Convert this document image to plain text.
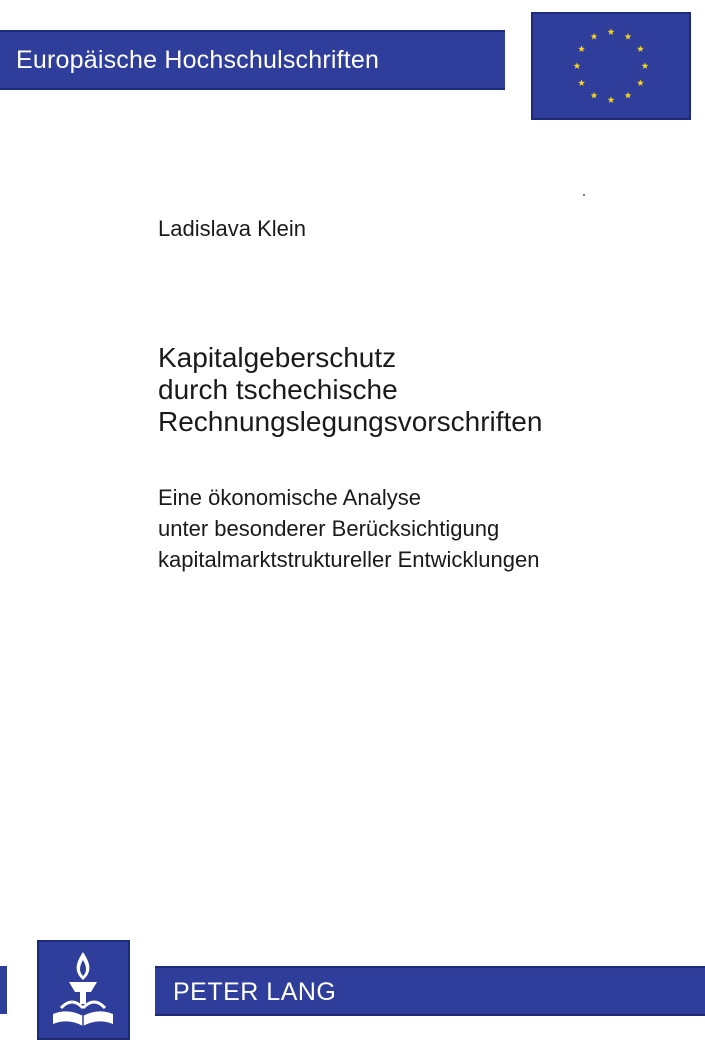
Europäische Hochschulschriften
Ladislava Klein
Kapitalgeberschutz
durch tschechische
Rechnungslegungsvorschriften
Eine ökonomische Analyse
unter besonderer Berücksichtigung
kapitalmarktstruktureller Entwicklungen
PETER LANG
